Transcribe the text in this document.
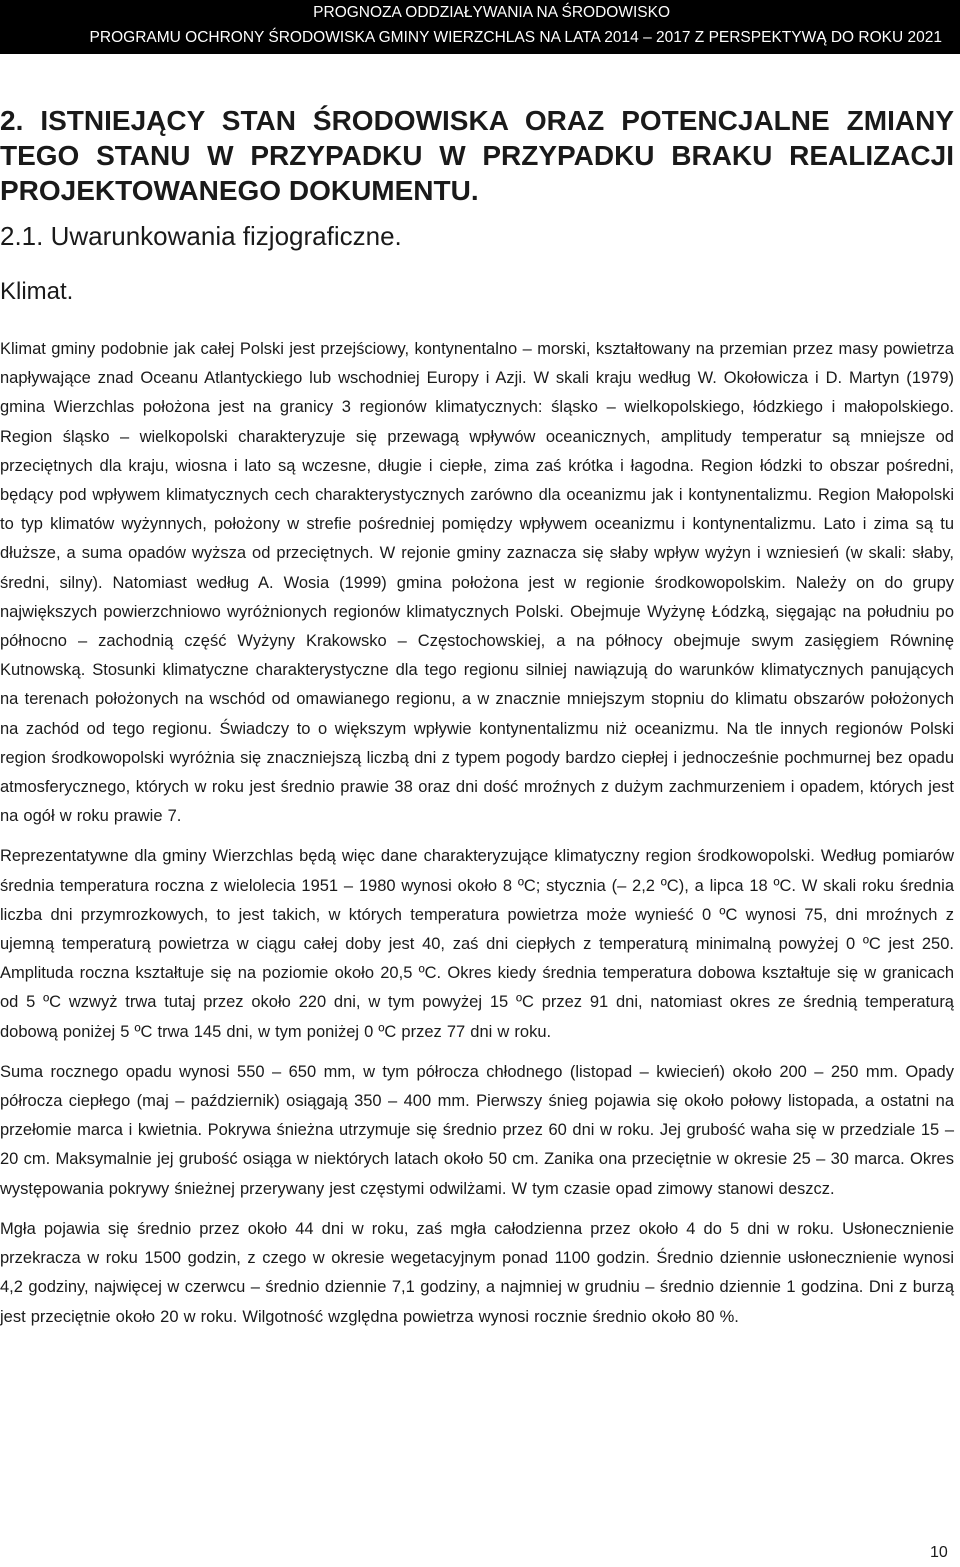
PROGNOZA ODDZIAŁYWANIA NA ŚRODOWISKO
PROGRAMU OCHRONY ŚRODOWISKA GMINY WIERZCHLAS NA LATA 2014 – 2017 Z PERSPEKTYWĄ DO ROKU 2021
2. ISTNIEJĄCY STAN ŚRODOWISKA ORAZ POTENCJALNE ZMIANY TEGO STANU W PRZYPADKU W PRZYPADKU BRAKU REALIZACJI PROJEKTOWANEGO DOKUMENTU.
2.1. Uwarunkowania fizjograficzne.
Klimat.

Klimat gminy podobnie jak całej Polski jest przejściowy, kontynentalno – morski, kształtowany na przemian przez masy powietrza napływające znad Oceanu Atlantyckiego lub wschodniej Europy i Azji. W skali kraju według W. Okołowicza i D. Martyn (1979) gmina Wierzchlas położona jest na granicy 3 regionów klimatycznych: śląsko – wielkopolskiego, łódzkiego i małopolskiego. Region śląsko – wielkopolski charakteryzuje się przewagą wpływów oceanicznych, amplitudy temperatur są mniejsze od przeciętnych dla kraju, wiosna i lato są wczesne, długie i ciepłe, zima zaś krótka i łagodna. Region łódzki to obszar pośredni, będący pod wpływem klimatycznych cech charakterystycznych zarówno dla oceanizmu jak i kontynentalizmu. Region Małopolski to typ klimatów wyżynnych, położony w strefie pośredniej pomiędzy wpływem oceanizmu i kontynentalizmu. Lato i zima są tu dłuższe, a suma opadów wyższa od przeciętnych. W rejonie gminy zaznacza się słaby wpływ wyżyn i wzniesień (w skali: słaby, średni, silny). Natomiast według A. Wosia (1999) gmina położona jest w regionie środkowopolskim. Należy on do grupy największych powierzchniowo wyróżnionych regionów klimatycznych Polski. Obejmuje Wyżynę Łódzką, sięgając na południu po północno – zachodnią część Wyżyny Krakowsko – Częstochowskiej, a na północy obejmuje swym zasięgiem Równinę Kutnowską. Stosunki klimatyczne charakterystyczne dla tego regionu silniej nawiązują do warunków klimatycznych panujących na terenach położonych na wschód od omawianego regionu, a w znacznie mniejszym stopniu do klimatu obszarów położonych na zachód od tego regionu. Świadczy to o większym wpływie kontynentalizmu niż oceanizmu. Na tle innych regionów Polski region środkowopolski wyróżnia się znaczniejszą liczbą dni z typem pogody bardzo ciepłej i jednocześnie pochmurnej bez opadu atmosferycznego, których w roku jest średnio prawie 38 oraz dni dość mroźnych z dużym zachmurzeniem i opadem, których jest na ogół w roku prawie 7.

Reprezentatywne dla gminy Wierzchlas będą więc dane charakteryzujące klimatyczny region środkowopolski. Według pomiarów średnia temperatura roczna z wielolecia 1951 – 1980 wynosi około 8 ºC; stycznia (– 2,2 ºC), a lipca 18 ºC. W skali roku średnia liczba dni przymrozkowych, to jest takich, w których temperatura powietrza może wynieść 0 ºC wynosi 75, dni mroźnych z ujemną temperaturą powietrza w ciągu całej doby jest 40, zaś dni ciepłych z temperaturą minimalną powyżej 0 ºC jest 250. Amplituda roczna kształtuje się na poziomie około 20,5 ºC. Okres kiedy średnia temperatura dobowa kształtuje się w granicach od 5 ºC wzwyż trwa tutaj przez około 220 dni, w tym powyżej 15 ºC przez 91 dni, natomiast okres ze średnią temperaturą dobową poniżej 5 ºC trwa 145 dni, w tym poniżej 0 ºC przez 77 dni w roku.

Suma rocznego opadu wynosi 550 – 650 mm, w tym półrocza chłodnego (listopad – kwiecień) około 200 – 250 mm. Opady półrocza ciepłego (maj – październik) osiągają 350 – 400 mm. Pierwszy śnieg pojawia się około połowy listopada, a ostatni na przełomie marca i kwietnia. Pokrywa śnieżna utrzymuje się średnio przez 60 dni w roku. Jej grubość waha się w przedziale 15 – 20 cm. Maksymalnie jej grubość osiąga w niektórych latach około 50 cm. Zanika ona przeciętnie w okresie 25 – 30 marca. Okres występowania pokrywy śnieżnej przerywany jest częstymi odwilżami. W tym czasie opad zimowy stanowi deszcz.

Mgła pojawia się średnio przez około 44 dni w roku, zaś mgła całodzienna przez około 4 do 5 dni w roku. Usłonecznienie przekracza w roku 1500 godzin, z czego w okresie wegetacyjnym ponad 1100 godzin. Średnio dziennie usłonecznienie wynosi 4,2 godziny, najwięcej w czerwcu – średnio dziennie 7,1 godziny, a najmniej w grudniu – średnio dziennie 1 godzina. Dni z burzą jest przeciętnie około 20 w roku. Wilgotność względna powietrza wynosi rocznie średnio około 80 %.

10
